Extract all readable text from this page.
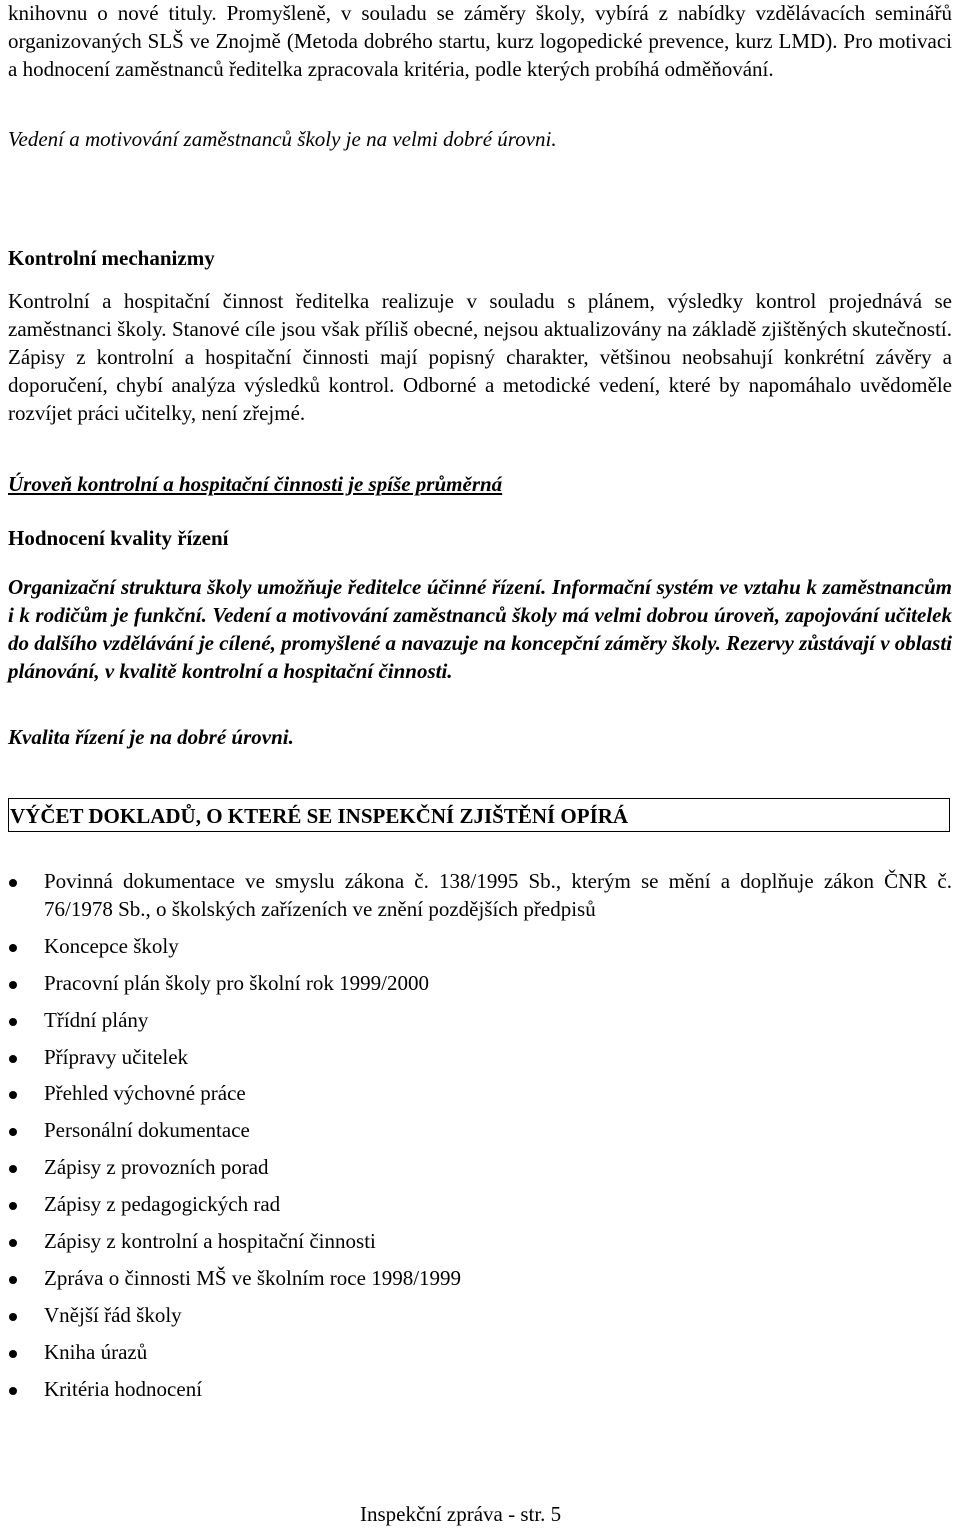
knihovnu o nové tituly. Promyšleně, v souladu se záměry školy, vybírá z nabídky vzdělávacích seminářů organizovaných SLŠ ve Znojmě (Metoda dobrého startu, kurz logopedické prevence, kurz LMD). Pro motivaci a hodnocení zaměstnanců ředitelka zpracovala kritéria, podle kterých probíhá odměňování.

Vedení a motivování zaměstnanců školy je na velmi dobré úrovni.

Kontrolní mechanizmy

Kontrolní a hospitační činnost ředitelka realizuje v souladu s plánem, výsledky kontrol projednává se zaměstnanci školy. Stanové cíle jsou však příliš obecné, nejsou aktualizovány na základě zjištěných skutečností. Zápisy z kontrolní a hospitační činnosti mají popisný charakter, většinou neobsahují konkrétní závěry a doporučení, chybí analýza výsledků kontrol. Odborné a metodické vedení, které by napomáhalo uvědoměle rozvíjet práci učitelky, není zřejmé.

Úroveň kontrolní a hospitační činnosti je spíše průměrná

Hodnocení kvality řízení

Organizační struktura školy umožňuje ředitelce účinné řízení. Informační systém ve vztahu k zaměstnancům i k rodičům je funkční. Vedení a motivování zaměstnanců školy má velmi dobrou úroveň, zapojování učitelek do dalšího vzdělávání je cílené, promyšlené a navazuje na koncepční záměry školy. Rezervy zůstávají v oblasti plánování, v kvalitě kontrolní a hospitační činnosti.

Kvalita řízení je na dobré úrovni.

VÝČET DOKLADŮ, O KTERÉ SE INSPEKČNÍ ZJIŠTĚNÍ OPÍRÁ
Povinná dokumentace ve smyslu zákona č. 138/1995 Sb., kterým se mění a doplňuje zákon ČNR č. 76/1978 Sb., o školských zařízeních ve znění pozdějších předpisů
Koncepce školy
Pracovní plán školy pro školní rok 1999/2000
Třídní plány
Přípravy učitelek
Přehled výchovné práce
Personální dokumentace
Zápisy z provozních porad
Zápisy z pedagogických rad
Zápisy z kontrolní a hospitační činnosti
Zpráva o činnosti MŠ ve školním roce 1998/1999
Vnější řád školy
Kniha úrazů
Kritéria hodnocení
Inspekční zpráva - str. 5
